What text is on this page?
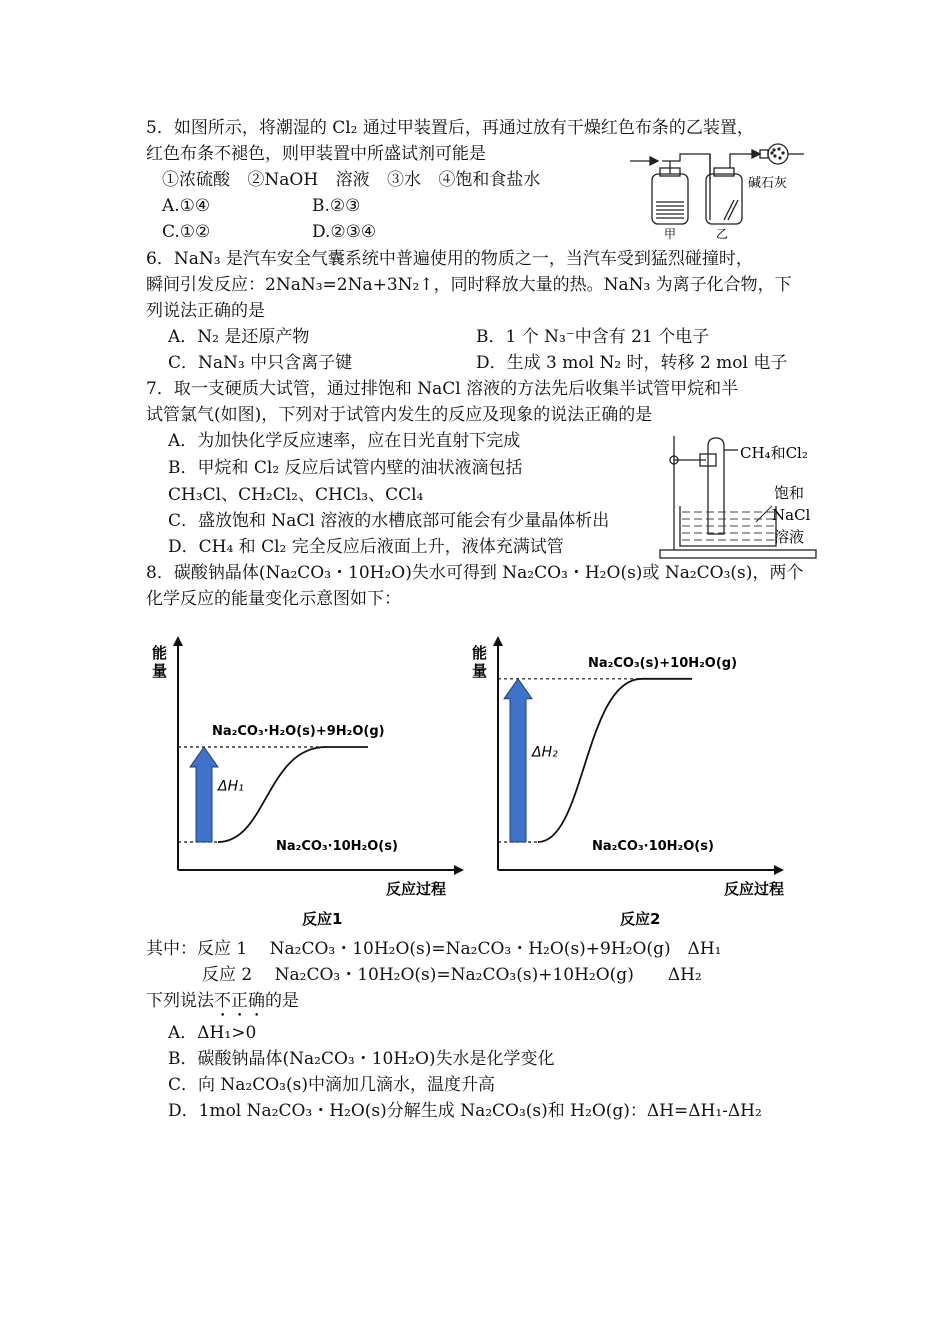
5．如图所示，将潮湿的 Cl₂ 通过甲装置后，再通过放有干燥红色布条的乙装置，
红色布条不褪色，则甲装置中所盛试剂可能是
①浓硫酸 ②NaOH 溶液 ③水 ④饱和食盐水
A.①④	B.②③
C.①②	D.②③④
碱石灰
甲	乙
6．NaN₃ 是汽车安全气囊系统中普遍使用的物质之一，当汽车受到猛烈碰撞时，
瞬间引发反应：2NaN₃=2Na+3N₂↑，同时释放大量的热。NaN₃ 为离子化合物，下
列说法正确的是
A．N₂ 是还原产物	B．1 个 N₃⁻中含有 21 个电子
C．NaN₃ 中只含离子键	D．生成 3 mol N₂ 时，转移 2 mol 电子
7．取一支硬质大试管，通过排饱和 NaCl 溶液的方法先后收集半试管甲烷和半
试管氯气(如图)，下列对于试管内发生的反应及现象的说法正确的是
A．为加快化学反应速率，应在日光直射下完成
B．甲烷和 Cl₂ 反应后试管内壁的油状液滴包括
CH₃Cl、CH₂Cl₂、CHCl₃、CCl₄
C．盛放饱和 NaCl 溶液的水槽底部可能会有少量晶体析出
D．CH₄ 和 Cl₂ 完全反应后液面上升，液体充满试管
CH₄和Cl₂
饱和
NaCl
溶液
8．碳酸钠晶体(Na₂CO₃・10H₂O)失水可得到 Na₂CO₃・H₂O(s)或 Na₂CO₃(s)，两个
化学反应的能量变化示意图如下：
能
量
反应过程
ΔH₁
Na₂CO₃·10H₂O(s)
Na₂CO₃·H₂O(s)+9H₂O(g)
反应1
能
量
反应过程
ΔH₂
Na₂CO₃·10H₂O(s)
Na₂CO₃(s)+10H₂O(g)
反应2
其中：反应 1　 Na₂CO₃・10H₂O(s)=Na₂CO₃・H₂O(s)+9H₂O(g)　ΔH₁
反应 2　 Na₂CO₃・10H₂O(s)=Na₂CO₃(s)+10H₂O(g)　　ΔH₂
下列说法不正确的是
A．ΔH₁>0
B．碳酸钠晶体(Na₂CO₃・10H₂O)失水是化学变化
C．向 Na₂CO₃(s)中滴加几滴水，温度升高
D．1mol Na₂CO₃・H₂O(s)分解生成 Na₂CO₃(s)和 H₂O(g)：ΔH=ΔH₁-ΔH₂
